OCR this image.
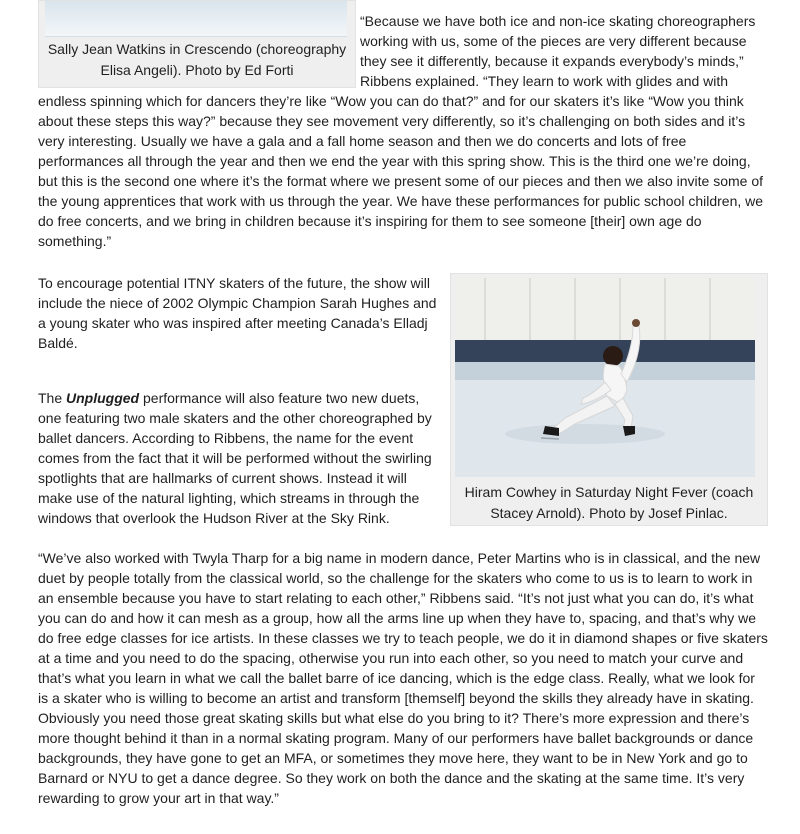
Sally Jean Watkins in Crescendo (choreography Elisa Angeli). Photo by Ed Forti

“Because we have both ice and non-ice skating choreographers working with us, some of the pieces are very different because they see it differently, because it expands everybody’s minds,” Ribbens explained. “They learn to work with glides and with endless spinning which for dancers they’re like “Wow you can do that?” and for our skaters it’s like “Wow you think about these steps this way?” because they see movement very differently, so it’s challenging on both sides and it’s very interesting. Usually we have a gala and a fall home season and then we do concerts and lots of free performances all through the year and then we end the year with this spring show. This is the third one we’re doing, but this is the second one where it’s the format where we present some of our pieces and then we also invite some of the young apprentices that work with us through the year. We have these performances for public school children, we do free concerts, and we bring in children because it’s inspiring for them to see someone [their] own age do something.”

Hiram Cowhey in Saturday Night Fever (coach Stacey Arnold). Photo by Josef Pinlac.

To encourage potential ITNY skaters of the future, the show will include the niece of 2002 Olympic Champion Sarah Hughes and a young skater who was inspired after meeting Canada’s Elladj Baldé.

The Unplugged performance will also feature two new duets, one featuring two male skaters and the other choreographed by ballet dancers. According to Ribbens, the name for the event comes from the fact that it will be performed without the swirling spotlights that are hallmarks of current shows. Instead it will make use of the natural lighting, which streams in through the windows that overlook the Hudson River at the Sky Rink.

“We’ve also worked with Twyla Tharp for a big name in modern dance, Peter Martins who is in classical, and the new duet by people totally from the classical world, so the challenge for the skaters who come to us is to learn to work in an ensemble because you have to start relating to each other,” Ribbens said. “It’s not just what you can do, it’s what you can do and how it can mesh as a group, how all the arms line up when they have to, spacing, and that’s why we do free edge classes for ice artists. In these classes we try to teach people, we do it in diamond shapes or five skaters at a time and you need to do the spacing, otherwise you run into each other, so you need to match your curve and that’s what you learn in what we call the ballet barre of ice dancing, which is the edge class. Really, what we look for is a skater who is willing to become an artist and transform [themself] beyond the skills they already have in skating. Obviously you need those great skating skills but what else do you bring to it? There’s more expression and there’s more thought behind it than in a normal skating program. Many of our performers have ballet backgrounds or dance backgrounds, they have gone to get an MFA, or sometimes they move here, they want to be in New York and go to Barnard or NYU to get a dance degree. So they work on both the dance and the skating at the same time. It’s very rewarding to grow your art in that way.”
